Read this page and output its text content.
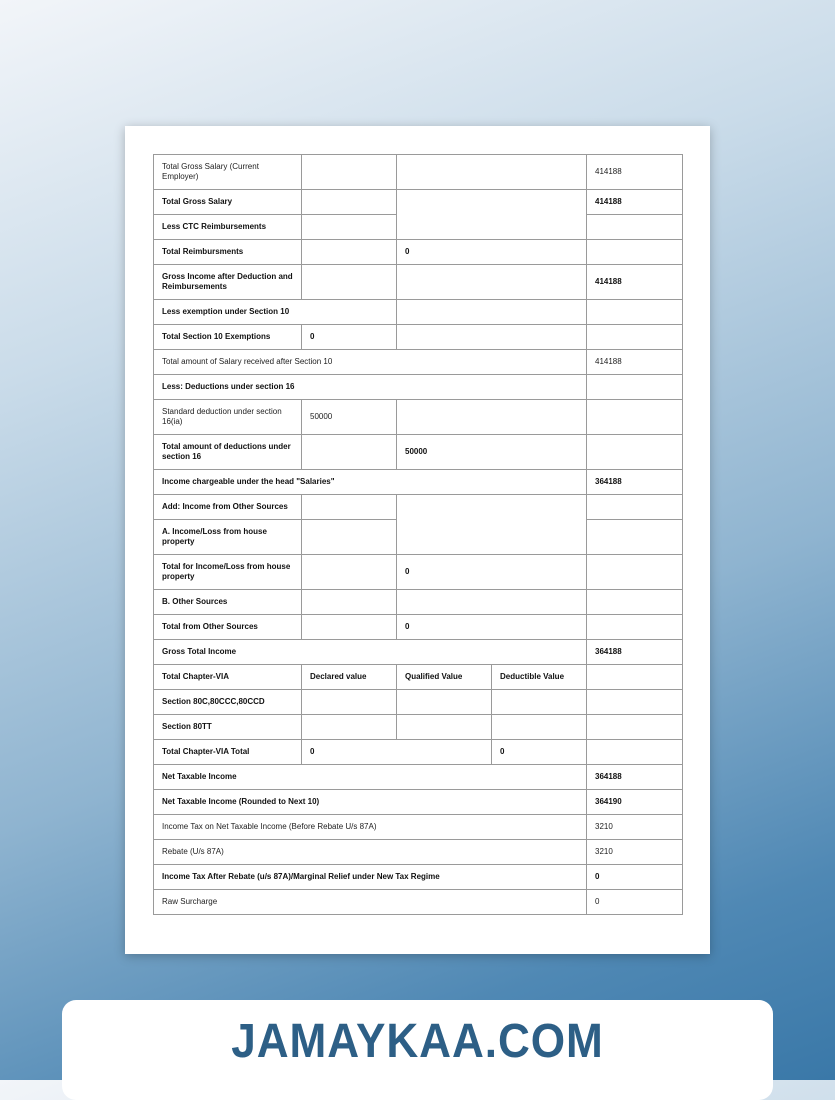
Total Gross Salary (Current Employer)				414188
Total Gross Salary				414188
Less CTC Reimbursements				
Total Reimbursments		0		
Gross Income after Deduction and Reimbursements				414188
Less exemption under Section 10				
Total Section 10 Exemptions	0			
Total amount of Salary received after Section 10				414188
Less: Deductions under section 16				
Standard deduction under section 16(ia)	50000			
Total amount of deductions under section 16		50000		
Income chargeable under the head "Salaries"				364188
Add: Income from Other Sources				
A. Income/Loss from house property				
Total for Income/Loss from house property		0		
B. Other Sources				
Total from Other Sources		0		
Gross Total Income				364188
Total Chapter-VIA	Declared value	Qualified Value	Deductible Value	
Section 80C,80CCC,80CCD				
Section 80TT				
Total Chapter-VIA Total	0		0	
Net Taxable Income				364188
Net Taxable Income (Rounded to Next 10)				364190
Income Tax on Net Taxable Income (Before Rebate U/s 87A)				3210
Rebate (U/s 87A)				3210
Income Tax After Rebate (u/s 87A)/Marginal Relief under New Tax Regime				0
Raw Surcharge				0
JAMAYKAA.COM
